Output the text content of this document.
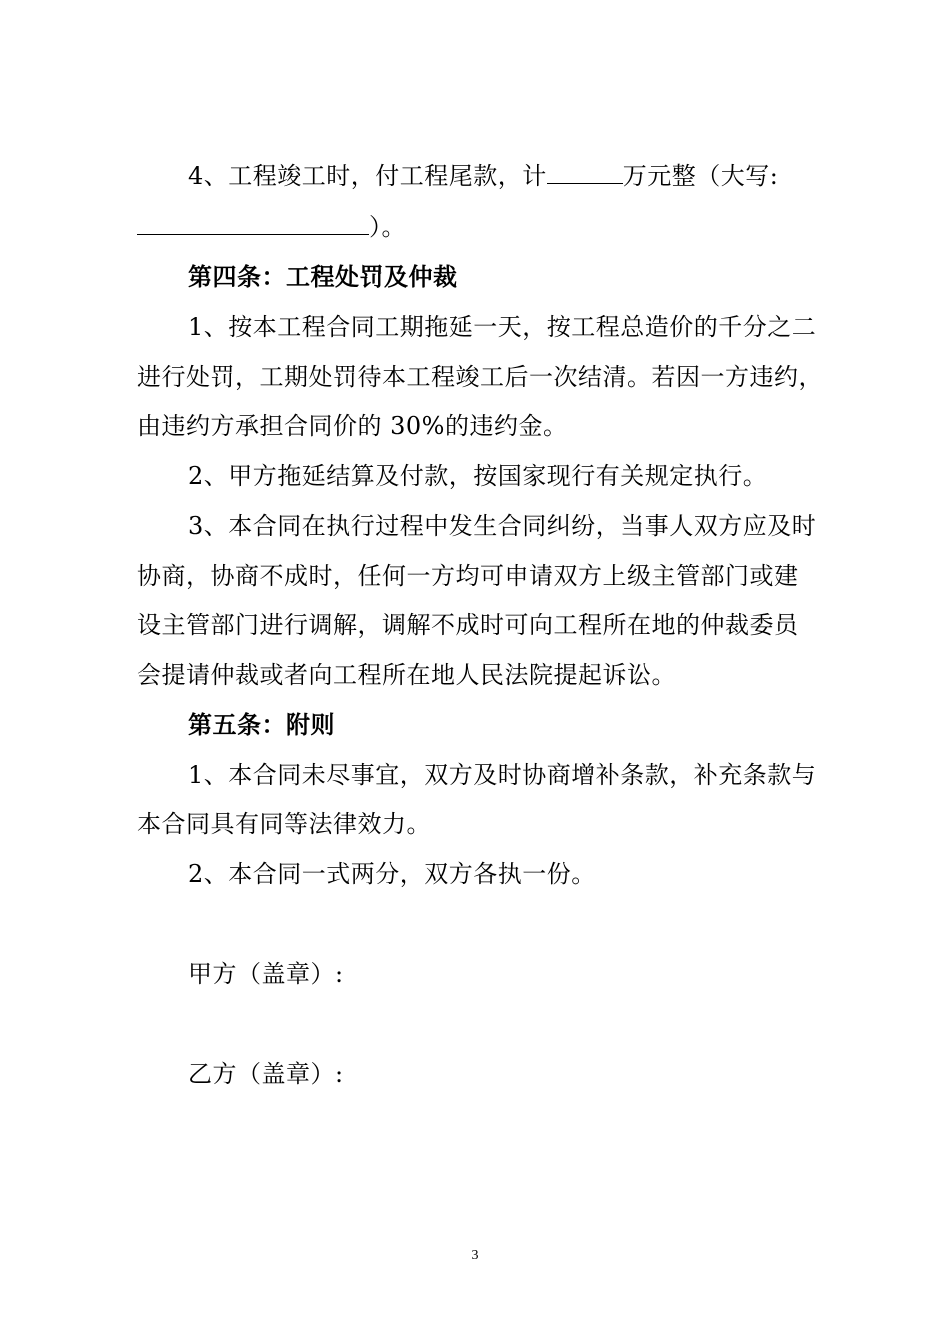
4、工程竣工时，付工程尾款，计	万元整（大写:
）。
第四条：工程处罚及仲裁
1、按本工程合同工期拖延一天，按工程总造价的千分之二
进行处罚，工期处罚待本工程竣工后一次结清。若因一方违约，
由违约方承担合同价的 30%的违约金。
2、甲方拖延结算及付款，按国家现行有关规定执行。
3、本合同在执行过程中发生合同纠纷，当事人双方应及时
协商，协商不成时，任何一方均可申请双方上级主管部门或建
设主管部门进行调解，调解不成时可向工程所在地的仲裁委员
会提请仲裁或者向工程所在地人民法院提起诉讼。
第五条：附则
1、本合同未尽事宜，双方及时协商增补条款，补充条款与
本合同具有同等法律效力。
2、本合同一式两分，双方各执一份。
甲方（盖章）:
乙方（盖章）:
3
